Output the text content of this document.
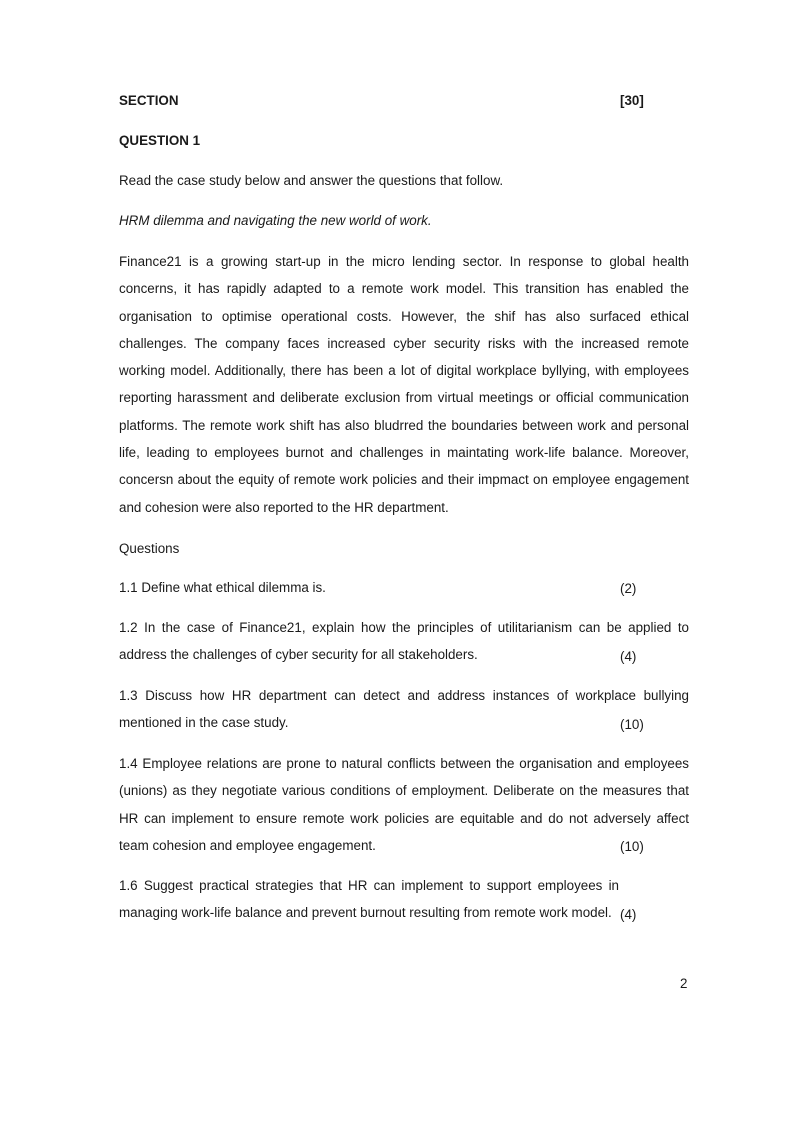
SECTION	[30]
QUESTION 1
Read the case study below and answer the questions that follow.
HRM dilemma and navigating the new world of work.
Finance21 is a growing start-up in the micro lending sector. In response to global health concerns, it has rapidly adapted to a remote work model. This transition has enabled the organisation to optimise operational costs. However, the shif has also surfaced ethical challenges. The company faces increased cyber security risks with the increased remote working model. Additionally, there has been a lot of digital workplace byllying, with employees reporting harassment and deliberate exclusion from virtual meetings or official communication platforms. The remote work shift has also bludrred the boundaries between work and personal life, leading to employees burnot and challenges in maintating work-life balance. Moreover, concersn about the equity of remote work policies and their impmact on employee engagement and cohesion were also reported to the HR department.
Questions
1.1 Define what ethical dilemma is.	(2)
1.2 In the case of Finance21, explain how the principles of utilitarianism can be applied to address the challenges of cyber security for all stakeholders.	(4)
1.3 Discuss how HR department can detect and address instances of workplace bullying mentioned in the case study.	(10)
1.4 Employee relations are prone to natural conflicts between the organisation and employees (unions) as they negotiate various conditions of employment. Deliberate on the measures that HR can implement to ensure remote work policies are equitable and do not adversely affect team cohesion and employee engagement.	(10)
1.6 Suggest practical strategies that HR can implement to support employees in managing work-life balance and prevent burnout resulting from remote work model. (4)
2
